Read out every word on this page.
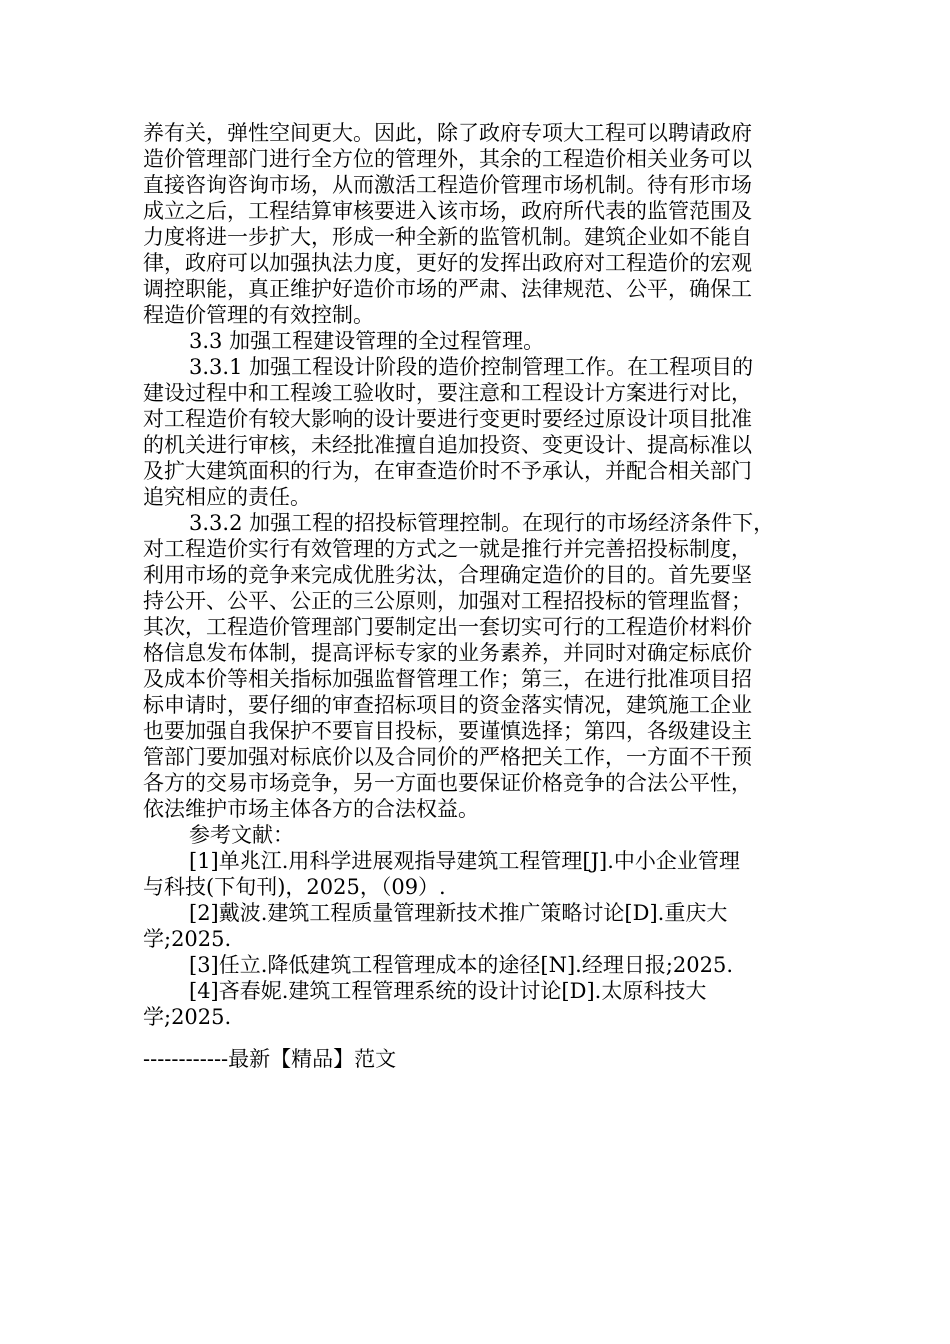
养有关，弹性空间更大。因此，除了政府专项大工程可以聘请政府
造价管理部门进行全方位的管理外，其余的工程造价相关业务可以
直接咨询咨询市场，从而激活工程造价管理市场机制。待有形市场
成立之后，工程结算审核要进入该市场，政府所代表的监管范围及
力度将进一步扩大，形成一种全新的监管机制。建筑企业如不能自
律，政府可以加强执法力度，更好的发挥出政府对工程造价的宏观
调控职能，真正维护好造价市场的严肃、法律规范、公平，确保工
程造价管理的有效控制。
3.3 加强工程建设管理的全过程管理。
3.3.1 加强工程设计阶段的造价控制管理工作。在工程项目的
建设过程中和工程竣工验收时，要注意和工程设计方案进行对比，
对工程造价有较大影响的设计要进行变更时要经过原设计项目批准
的机关进行审核，未经批准擅自追加投资、变更设计、提高标准以
及扩大建筑面积的行为，在审查造价时不予承认，并配合相关部门
追究相应的责任。
3.3.2 加强工程的招投标管理控制。在现行的市场经济条件下，
对工程造价实行有效管理的方式之一就是推行并完善招投标制度，
利用市场的竞争来完成优胜劣汰，合理确定造价的目的。首先要坚
持公开、公平、公正的三公原则，加强对工程招投标的管理监督；
其次，工程造价管理部门要制定出一套切实可行的工程造价材料价
格信息发布体制，提高评标专家的业务素养，并同时对确定标底价
及成本价等相关指标加强监督管理工作；第三，在进行批准项目招
标申请时，要仔细的审查招标项目的资金落实情况，建筑施工企业
也要加强自我保护不要盲目投标，要谨慎选择；第四，各级建设主
管部门要加强对标底价以及合同价的严格把关工作，一方面不干预
各方的交易市场竞争，另一方面也要保证价格竞争的合法公平性，
依法维护市场主体各方的合法权益。
参考文献：
[1]单兆江.用科学进展观指导建筑工程管理[J].中小企业管理
与科技(下旬刊)，2025，（09）.
[2]戴波.建筑工程质量管理新技术推广策略讨论[D].重庆大
学;2025.
[3]任立.降低建筑工程管理成本的途径[N].经理日报;2025.
[4]吝春妮.建筑工程管理系统的设计讨论[D].太原科技大
学;2025.
------------最新【精品】范文
